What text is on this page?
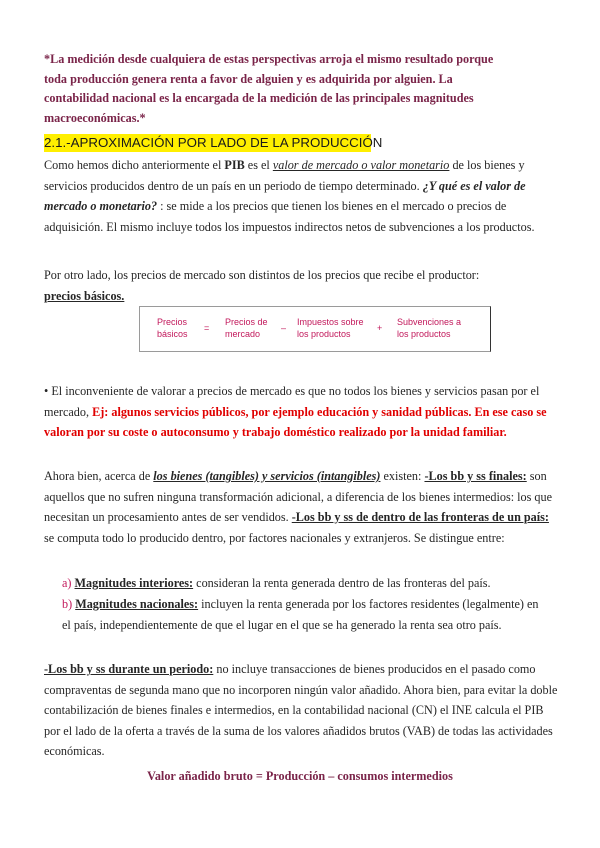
*La medición desde cualquiera de estas perspectivas arroja el mismo resultado porque
toda producción genera renta a favor de alguien y es adquirida por alguien. La
contabilidad nacional es la encargada de la medición de las principales magnitudes
macroeconómicas.*
2.1.-APROXIMACIÓN POR LADO DE LA PRODUCCIÓN
Como hemos dicho anteriormente el PIB es el valor de mercado o valor monetario de los bienes y servicios producidos dentro de un país en un periodo de tiempo determinado. ¿Y qué es el valor de mercado o monetario? : se mide a los precios que tienen los bienes en el mercado o precios de adquisición. El mismo incluye todos los impuestos indirectos netos de subvenciones a los productos.
Por otro lado, los precios de mercado son distintos de los precios que recibe el productor:
precios básicos.
Precios
básicos
=
Precios de
mercado
–
Impuestos sobre
los productos
+
Subvenciones a
los productos
• El inconveniente de valorar a precios de mercado es que no todos los bienes y servicios pasan por el mercado, Ej: algunos servicios públicos, por ejemplo educación y sanidad públicas. En ese caso se valoran por su coste o autoconsumo y trabajo doméstico realizado por la unidad familiar.
Ahora bien, acerca de los bienes (tangibles) y servicios (intangibles) existen: -Los bb y ss finales: son aquellos que no sufren ninguna transformación adicional, a diferencia de los bienes intermedios: los que necesitan un procesamiento antes de ser vendidos. -Los bb y ss de dentro de las fronteras de un país: se computa todo lo producido dentro, por factores nacionales y extranjeros. Se distingue entre:
a) Magnitudes interiores: consideran la renta generada dentro de las fronteras del país.
b) Magnitudes nacionales: incluyen la renta generada por los factores residentes (legalmente) en el país, independientemente de que el lugar en el que se ha generado la renta sea otro país.
-Los bb y ss durante un periodo: no incluye transacciones de bienes producidos en el pasado como compraventas de segunda mano que no incorporen ningún valor añadido. Ahora bien, para evitar la doble contabilización de bienes finales e intermedios, en la contabilidad nacional (CN) el INE calcula el PIB por el lado de la oferta a través de la suma de los valores añadidos brutos (VAB) de todas las actividades económicas.
Valor añadido bruto = Producción – consumos intermedios
